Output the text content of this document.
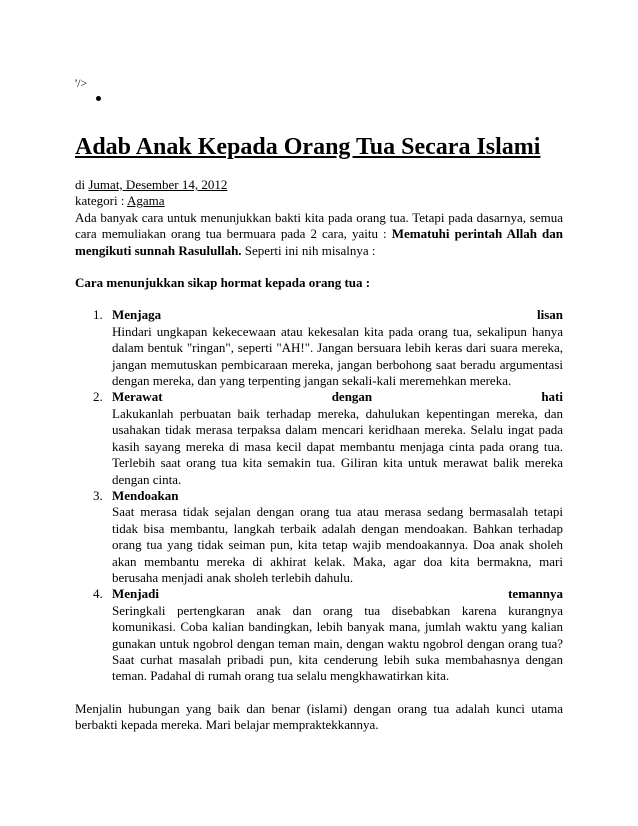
'/>
Adab Anak Kepada Orang Tua Secara Islami
di Jumat, Desember 14, 2012
kategori : Agama

Ada banyak cara untuk menunjukkan bakti kita pada orang tua. Tetapi pada dasarnya, semua cara memuliakan orang tua bermuara pada 2 cara, yaitu : Mematuhi perintah Allah dan mengikuti sunnah Rasulullah. Seperti ini nih misalnya :

Cara menunjukkan sikap hormat kepada orang tua :

1. Menjaga lisan

Hindari ungkapan kekecewaan atau kekesalan kita pada orang tua, sekalipun hanya dalam bentuk "ringan", seperti "AH!". Jangan bersuara lebih keras dari suara mereka, jangan memutuskan pembicaraan mereka, jangan berbohong saat beradu argumentasi dengan mereka, dan yang terpenting jangan sekali-kali meremehkan mereka.

2. Merawat dengan hati

Lakukanlah perbuatan baik terhadap mereka, dahulukan kepentingan mereka, dan usahakan tidak merasa terpaksa dalam mencari keridhaan mereka. Selalu ingat pada kasih sayang mereka di masa kecil dapat membantu menjaga cinta pada orang tua. Terlebih saat orang tua kita semakin tua. Giliran kita untuk merawat balik mereka dengan cinta.

3. Mendoakan

Saat merasa tidak sejalan dengan orang tua atau merasa sedang bermasalah tetapi tidak bisa membantu, langkah terbaik adalah dengan mendoakan. Bahkan terhadap orang tua yang tidak seiman pun, kita tetap wajib mendoakannya. Doa anak sholeh akan membantu mereka di akhirat kelak. Maka, agar doa kita bermakna, mari berusaha menjadi anak sholeh terlebih dahulu.

4. Menjadi temannya

Seringkali pertengkaran anak dan orang tua disebabkan karena kurangnya komunikasi. Coba kalian bandingkan, lebih banyak mana, jumlah waktu yang kalian gunakan untuk ngobrol dengan teman main, dengan waktu ngobrol dengan orang tua? Saat curhat masalah pribadi pun, kita cenderung lebih suka membahasnya dengan teman. Padahal di rumah orang tua selalu mengkhawatirkan kita.

Menjalin hubungan yang baik dan benar (islami) dengan orang tua adalah kunci utama berbakti kepada mereka. Mari belajar mempraktekkannya.
